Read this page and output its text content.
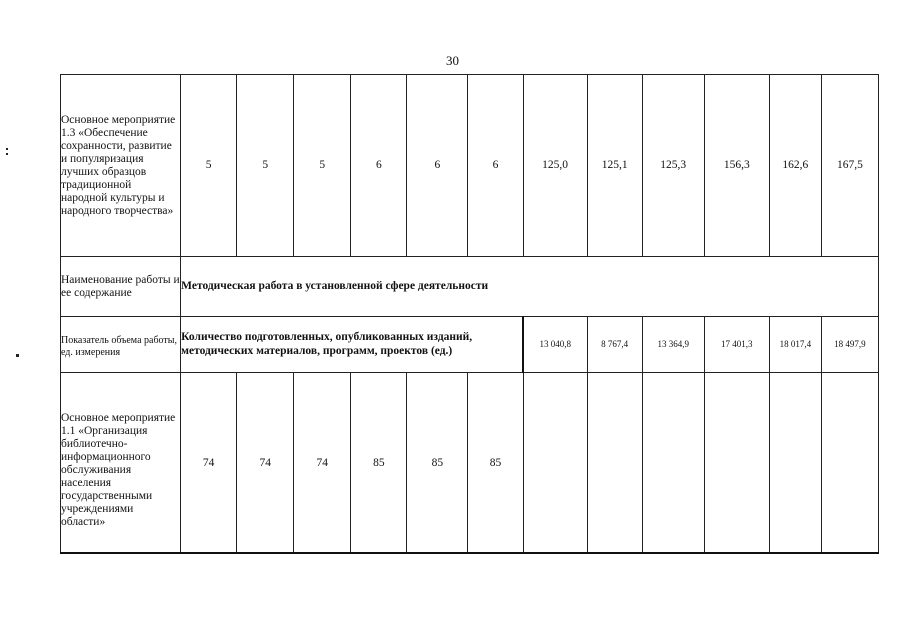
30
Основное мероприятие 1.3 «Обеспечение сохранности, развитие и популяризация лучших образцов традиционной народной культуры и народного творчества»	5	5	5	6	6	6	125,0	125,1	125,3	156,3	162,6	167,5
Наименование работы и ее содержание	Методическая работа в установленной сфере деятельности											
Показатель объема работы, ед. измерения	Количество подготовленных, опубликованных изданий, методических материалов, программ, проектов (ед.)						13 040,8	8 767,4	13 364,9	17 401,3	18 017,4	18 497,9
Основное мероприятие 1.1 «Организация библиотечно-информационного обслуживания населения государственными учреждениями области»	74	74	74	85	85	85						
